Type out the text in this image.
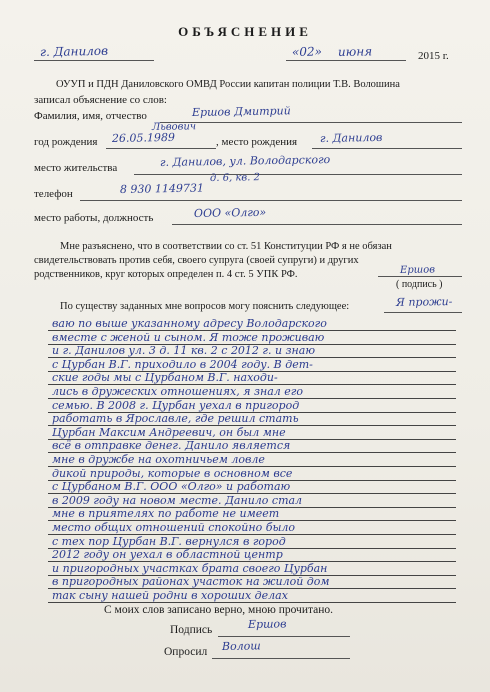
ОБЪЯСНЕНИЕ
г. Данилов	«02» июня	2015 г.
ОУУП и ПДН Даниловского ОМВД России капитан полиции Т.В. Волошина
записал объяснение со слов:
Фамилия, имя, отчество	Ершов Дмитрий
Львович
год рождения 26.05.1989	, место рождения г. Данилов
место жительства	г. Данилов, ул. Володарского
д. 6, кв. 2
телефон	8 930 1149731
место работы, должность	ООО «Олго»
Мне разъяснено, что в соответствии со ст. 51 Конституции РФ я не обязан
свидетельствовать против себя, своего супруга (своей супруги) и других
родственников, круг которых определен п. 4 ст. 5 УПК РФ.	Ершов
( подпись )
По существу заданных мне вопросов могу пояснить следующее:	Я прожи-
ваю по выше указанному адресу Володарского
вместе с женой и сыном. Я тоже проживаю
и г. Данилов ул. 3 д. 11 кв. 2 с 2012 г. и знаю
с Цурбан В.Г. приходило в 2004 году. В дет-
ские годы мы с Цурбаном В.Г. находи-
лись в дружеских отношениях, я знал его
семью. В 2008 г. Цурбан уехал в пригород
работать в Ярославле, где решил стать
Цурбан Максим Андреевич, он был мне
всё в отправке денег. Данило является
мне в дружбе на охотничьем ловле
дикой природы, которые в основном все
с Цурбаном В.Г. ООО «Олго» и работаю
в 2009 году на новом месте. Данило стал
мне в приятелях по работе не имеет
место общих отношений спокойно было
с тех пор Цурбан В.Г. вернулся в город
2012 году он уехал в областной центр
и пригородных участках брата своего Цурбан
в пригородных районах участок на жилой дом
так сыну нашей родни в хороших делах
С моих слов записано верно, мною прочитано.
Подпись	Ершов
Опросил Волош
